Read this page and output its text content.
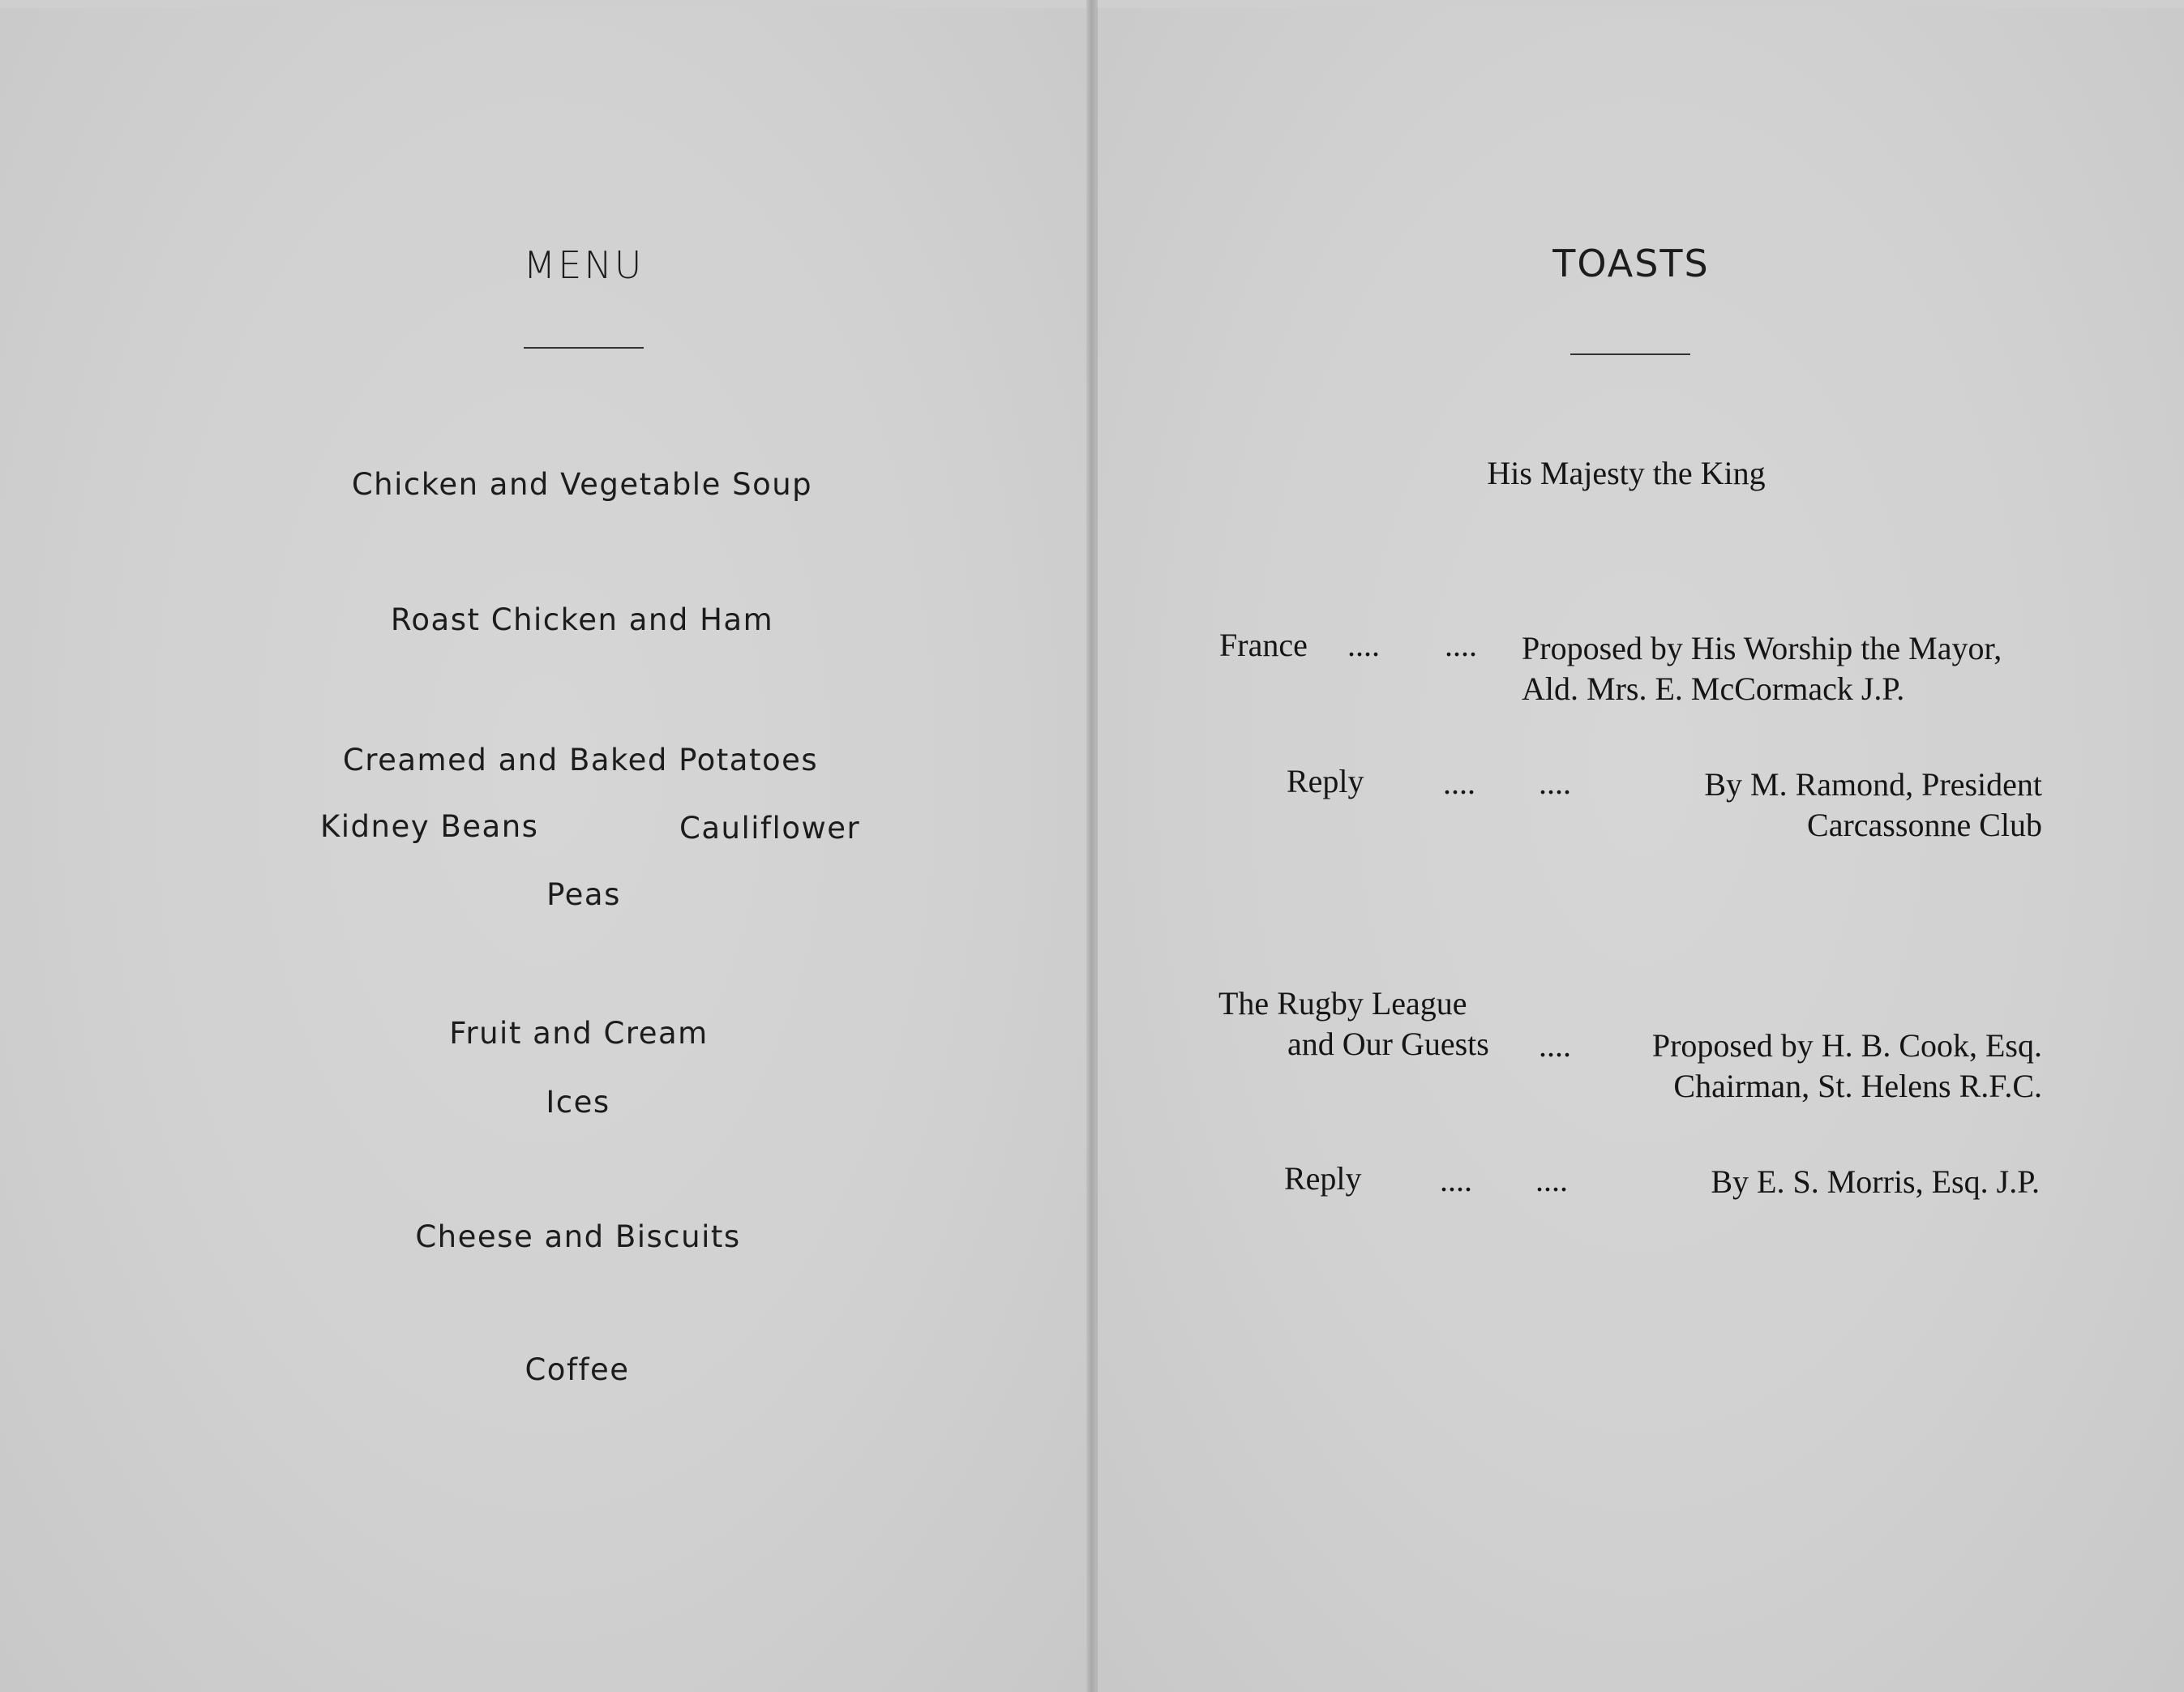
MENU
Chicken and Vegetable Soup
Roast Chicken and Ham
Creamed and Baked Potatoes
Kidney Beans	Cauliflower
Peas
Fruit and Cream
Ices
Cheese and Biscuits
Coffee
TOASTS
His Majesty the King
France .... .... Proposed by His Worship the Mayor,
Ald. Mrs. E. McCormack J.P.
Reply .... ....	By M. Ramond, President
Carcassonne Club
The Rugby League
and Our Guests .... Proposed by H. B. Cook, Esq.
Chairman, St. Helens R.F.C.
Reply .... ....	By E. S. Morris, Esq. J.P.
